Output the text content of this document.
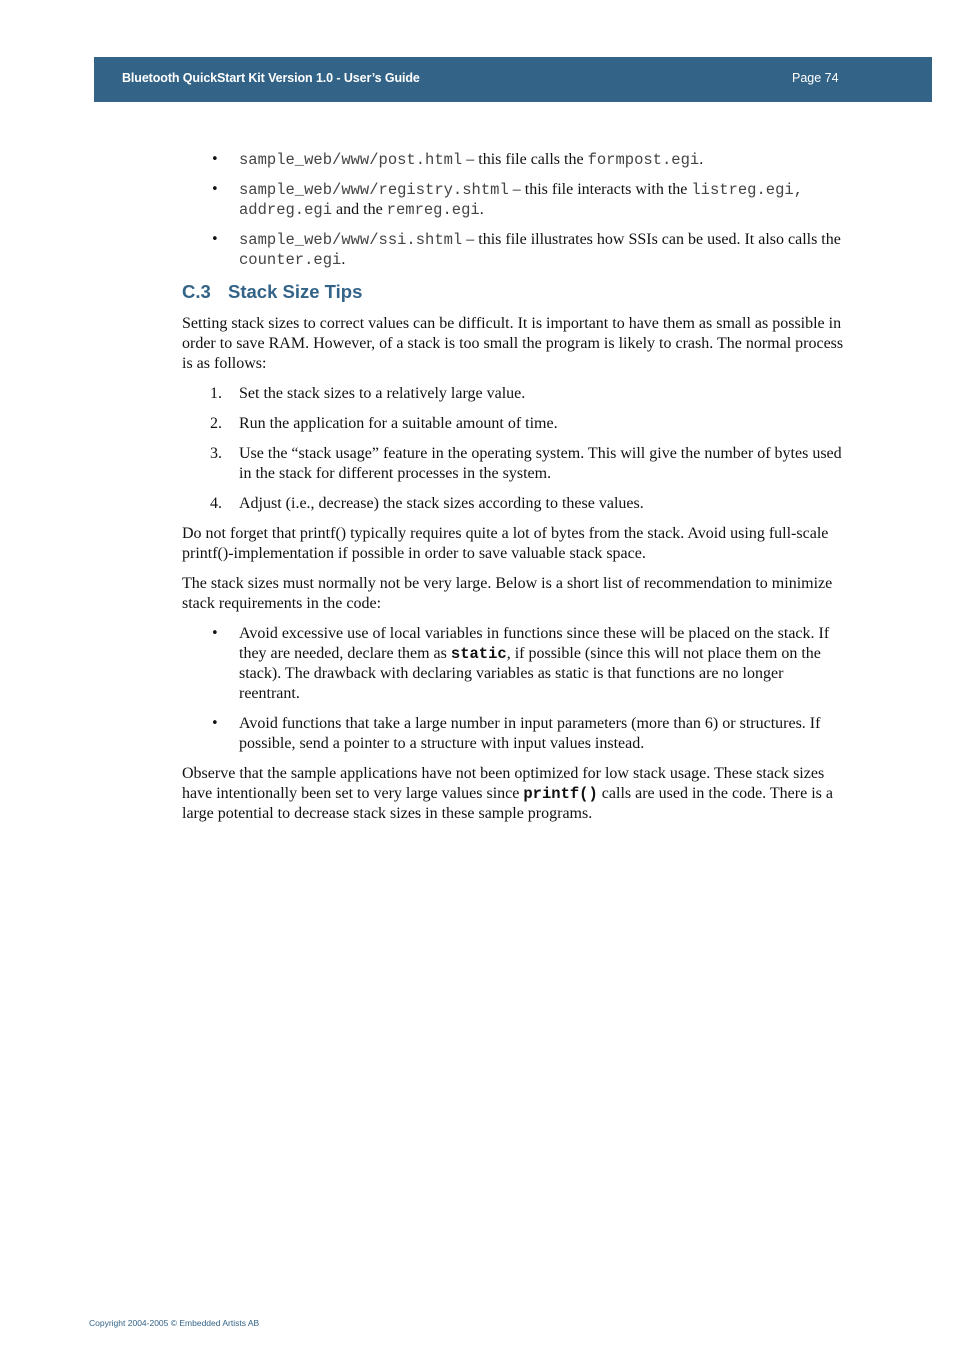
Bluetooth QuickStart Kit Version 1.0 - User’s Guide	Page 74
• sample_web/www/post.html – this file calls the formpost.egi.
• sample_web/www/registry.shtml – this file interacts with the listreg.egi, addreg.egi and the remreg.egi.
• sample_web/www/ssi.shtml – this file illustrates how SSIs can be used. It also calls the counter.egi.
C.3 Stack Size Tips

Setting stack sizes to correct values can be difficult. It is important to have them as small as possible in order to save RAM. However, of a stack is too small the program is likely to crash. The normal process is as follows:

1. Set the stack sizes to a relatively large value.
2. Run the application for a suitable amount of time.
3. Use the “stack usage” feature in the operating system. This will give the number of bytes used in the stack for different processes in the system.
4. Adjust (i.e., decrease) the stack sizes according to these values.

Do not forget that printf() typically requires quite a lot of bytes from the stack. Avoid using full-scale printf()-implementation if possible in order to save valuable stack space.

The stack sizes must normally not be very large. Below is a short list of recommendation to minimize stack requirements in the code:

• Avoid excessive use of local variables in functions since these will be placed on the stack. If they are needed, declare them as static, if possible (since this will not place them on the stack). The drawback with declaring variables as static is that functions are no longer reentrant.
• Avoid functions that take a large number in input parameters (more than 6) or structures. If possible, send a pointer to a structure with input values instead.

Observe that the sample applications have not been optimized for low stack usage. These stack sizes have intentionally been set to very large values since printf() calls are used in the code. There is a large potential to decrease stack sizes in these sample programs.

Copyright 2004-2005 © Embedded Artists AB
